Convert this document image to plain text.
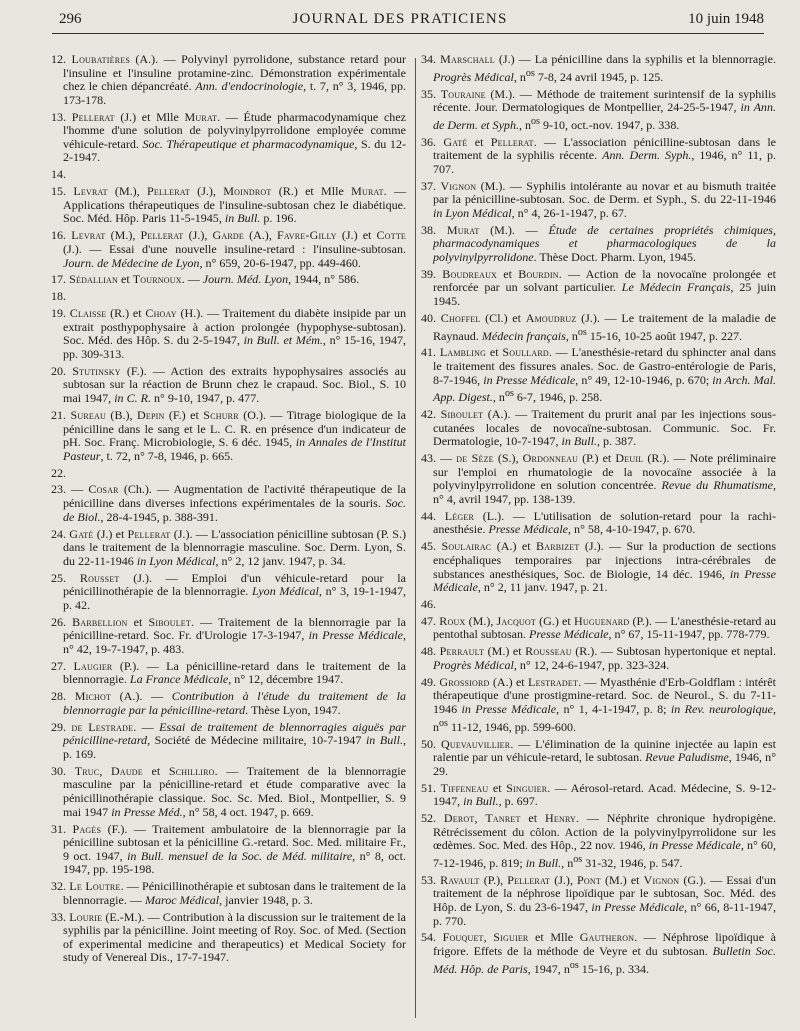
296	JOURNAL DES PRATICIENS	10 juin 1948
12. Loubatières (A.). — Polyvinyl pyrrolidone, substance retard pour l'insuline et l'insuline protamine-zinc. Démonstration expérimentale chez le chien dépancréaté. Ann. d'endocrinologie, t. 7, n° 3, 1946, pp. 173-178.
13. Pellerat (J.) et Mlle Murat. — Étude pharmacodynamique chez l'homme d'une solution de polyvinylpyrrolidone employée comme véhicule-retard. Soc. Thérapeutique et pharmacodynamique, S. du 12-2-1947.
14.
15. Levrat (M.), Pellerat (J.), Moindrot (R.) et Mlle Murat. — Applications thérapeutiques de l'insuline-subtosan chez le diabétique. Soc. Méd. Hôp. Paris 11-5-1945, in Bull. p. 196.
16. Levrat (M.), Pellerat (J.), Garde (A.), Favre-Gilly (J.) et Cotte (J.). — Essai d'une nouvelle insuline-retard : l'insuline-subtosan. Journ. de Médecine de Lyon, n° 659, 20-6-1947, pp. 449-460.
17. Sédallian et Tournoux. — Journ. Méd. Lyon, 1944, n° 586.
18.
19. Claisse (R.) et Choay (H.). — Traitement du diabète insipide par un extrait posthypophysaire à action prolongée (hypophyse-subtosan). Soc. Méd. des Hôp. S. du 2-5-1947, in Bull. et Mém., n° 15-16, 1947, pp. 309-313.
20. Stutinsky (F.). — Action des extraits hypophysaires associés au subtosan sur la réaction de Brunn chez le crapaud. Soc. Biol., S. 10 mai 1947, in C. R. n° 9-10, 1947, p. 477.
21. Sureau (B.), Depin (F.) et Schurr (O.). — Titrage biologique de la pénicilline dans le sang et le L. C. R. en présence d'un indicateur de pH. Soc. Franç. Microbiologie, S. 6 déc. 1945, in Annales de l'Institut Pasteur, t. 72, n° 7-8, 1946, p. 665.
22.
23. — Cosar (Ch.). — Augmentation de l'activité thérapeutique de la pénicilline dans diverses infections expérimentales de la souris. Soc. de Biol., 28-4-1945, p. 388-391.
24. Gaté (J.) et Pellerat (J.). — L'association pénicilline subtosan (P. S.) dans le traitement de la blennorragie masculine. Soc. Derm. Lyon, S. du 22-11-1946 in Lyon Médical, n° 2, 12 janv. 1947, p. 34.
25. Rousset (J.). — Emploi d'un véhicule-retard pour la pénicillinothérapie de la blennorragie. Lyon Médical, n° 3, 19-1-1947, p. 42.
26. Barbellion et Siboulet. — Traitement de la blennorragie par la pénicilline-retard. Soc. Fr. d'Urologie 17-3-1947, in Presse Médicale, n° 42, 19-7-1947, p. 483.
27. Laugier (P.). — La pénicilline-retard dans le traitement de la blennorragie. La France Médicale, n° 12, décembre 1947.
28. Michot (A.). — Contribution à l'étude du traitement de la blennorragie par la pénicilline-retard. Thèse Lyon, 1947.
29. de Lestrade. — Essai de traitement de blennorragies aiguës par pénicilline-retard, Société de Médecine militaire, 10-7-1947 in Bull., p. 169.
30. Truc, Daude et Schilliro. — Traitement de la blennorragie masculine par la pénicilline-retard et étude comparative avec la pénicillinothérapie classique. Soc. Sc. Med. Biol., Montpellier, S. 9 mai 1947 in Presse Méd., n° 58, 4 oct. 1947, p. 669.
31. Pagès (F.). — Traitement ambulatoire de la blennorragie par la pénicilline subtosan et la pénicilline G.-retard. Soc. Med. militaire Fr., 9 oct. 1947, in Bull. mensuel de la Soc. de Méd. militaire, n° 8, oct. 1947, pp. 195-198.
32. Le Loutre. — Pénicillinothérapie et subtosan dans le traitement de la blennorragie. — Maroc Médical, janvier 1948, p. 3.
33. Lourie (E.-M.). — Contribution à la discussion sur le traitement de la syphilis par la pénicilline. Joint meeting of Roy. Soc. of Med. (Section of experimental medicine and therapeutics) et Medical Society for study of Venereal Dis., 17-7-1947.
34. Marschall (J.) — La pénicilline dans la syphilis et la blennorragie. Progrès Médical, $n^{os}$ 7-8, 24 avril 1945, p. 125.
35. Touraine (M.). — Méthode de traitement surintensif de la syphilis récente. Jour. Dermatologiques de Montpellier, 24-25-5-1947, in Ann. de Derm. et Syph., $n^{os}$ 9-10, oct.-nov. 1947, p. 338.
36. Gaté et Pellerat. — L'association pénicilline-subtosan dans le traitement de la syphilis récente. Ann. Derm. Syph., 1946, n° 11, p. 707.
37. Vignon (M.). — Syphilis intolérante au novar et au bismuth traitée par la pénicilline-subtosan. Soc. de Derm. et Syph., S. du 22-11-1946 in Lyon Médical, n° 4, 26-1-1947, p. 67.
38. Murat (M.). — Étude de certaines propriétés chimiques, pharmacodynamiques et pharmacologiques de la polyvinylpyrrolidone. Thèse Doct. Pharm. Lyon, 1945.
39. Boudreaux et Bourdin. — Action de la novocaïne prolongée et renforcée par un solvant particulier. Le Médecin Français, 25 juin 1945.
40. Choffel (Cl.) et Amoudruz (J.). — Le traitement de la maladie de Raynaud. Médecin français, $n^{os}$ 15-16, 10-25 août 1947, p. 227.
41. Lambling et Soullard. — L'anesthésie-retard du sphincter anal dans le traitement des fissures anales. Soc. de Gastro-entérologie de Paris, 8-7-1946, in Presse Médicale, n° 49, 12-10-1946, p. 670; in Arch. Mal. App. Digest., $n^{os}$ 6-7, 1946, p. 258.
42. Siboulet (A.). — Traitement du prurit anal par les injections sous-cutanées locales de novocaïne-subtosan. Communic. Soc. Fr. Dermatologie, 10-7-1947, in Bull., p. 387.
43. — de Sèze (S.), Ordonneau (P.) et Deuil (R.). — Note préliminaire sur l'emploi en rhumatologie de la novocaïne associée à la polyvinylpyrrolidone en solution concentrée. Revue du Rhumatisme, n° 4, avril 1947, pp. 138-139.
44. Léger (L.). — L'utilisation de solution-retard pour la rachi-anesthésie. Presse Médicale, n° 58, 4-10-1947, p. 670.
45. Soulairac (A.) et Barbizet (J.). — Sur la production de sections encéphaliques temporaires par injections intra-cérébrales de substances anesthésiques, Soc. de Biologie, 14 déc. 1946, in Presse Médicale, n° 2, 11 janv. 1947, p. 21.
46.
47. Roux (M.), Jacquot (G.) et Huguenard (P.). — L'anesthésie-retard au pentothal subtosan. Presse Médicale, n° 67, 15-11-1947, pp. 778-779.
48. Perrault (M.) et Rousseau (R.). — Subtosan hypertonique et neptal. Progrès Médical, n° 12, 24-6-1947, pp. 323-324.
49. Grossiord (A.) et Lestradet. — Myasthénie d'Erb-Goldflam : intérêt thérapeutique d'une prostigmine-retard. Soc. de Neurol., S. du 7-11-1946 in Presse Médicale, n° 1, 4-1-1947, p. 8; in Rev. neurologique, $n^{os}$ 11-12, 1946, pp. 599-600.
50. Quevauvillier. — L'élimination de la quinine injectée au lapin est ralentie par un véhicule-retard, le subtosan. Revue Paludisme, 1946, n° 29.
51. Tiffeneau et Singuier. — Aérosol-retard. Acad. Médecine, S. 9-12-1947, in Bull., p. 697.
52. Derot, Tanret et Henry. — Néphrite chronique hydropigène. Rétrécissement du côlon. Action de la polyvinylpyrrolidone sur les œdèmes. Soc. Med. des Hôp., 22 nov. 1946, in Presse Médicale, n° 60, 7-12-1946, p. 819; in Bull., $n^{os}$ 31-32, 1946, p. 547.
53. Ravault (P.), Pellerat (J.), Pont (M.) et Vignon (G.). — Essai d'un traitement de la néphrose lipoïdique par le subtosan, Soc. Méd. des Hôp. de Lyon, S. du 23-6-1947, in Presse Médicale, n° 66, 8-11-1947, p. 770.
54. Fouquet, Siguier et Mlle Gautheron. — Néphrose lipoïdique à frigore. Effets de la méthode de Veyre et du subtosan. Bulletin Soc. Méd. Hôp. de Paris, 1947, $n^{os}$ 15-16, p. 334.
